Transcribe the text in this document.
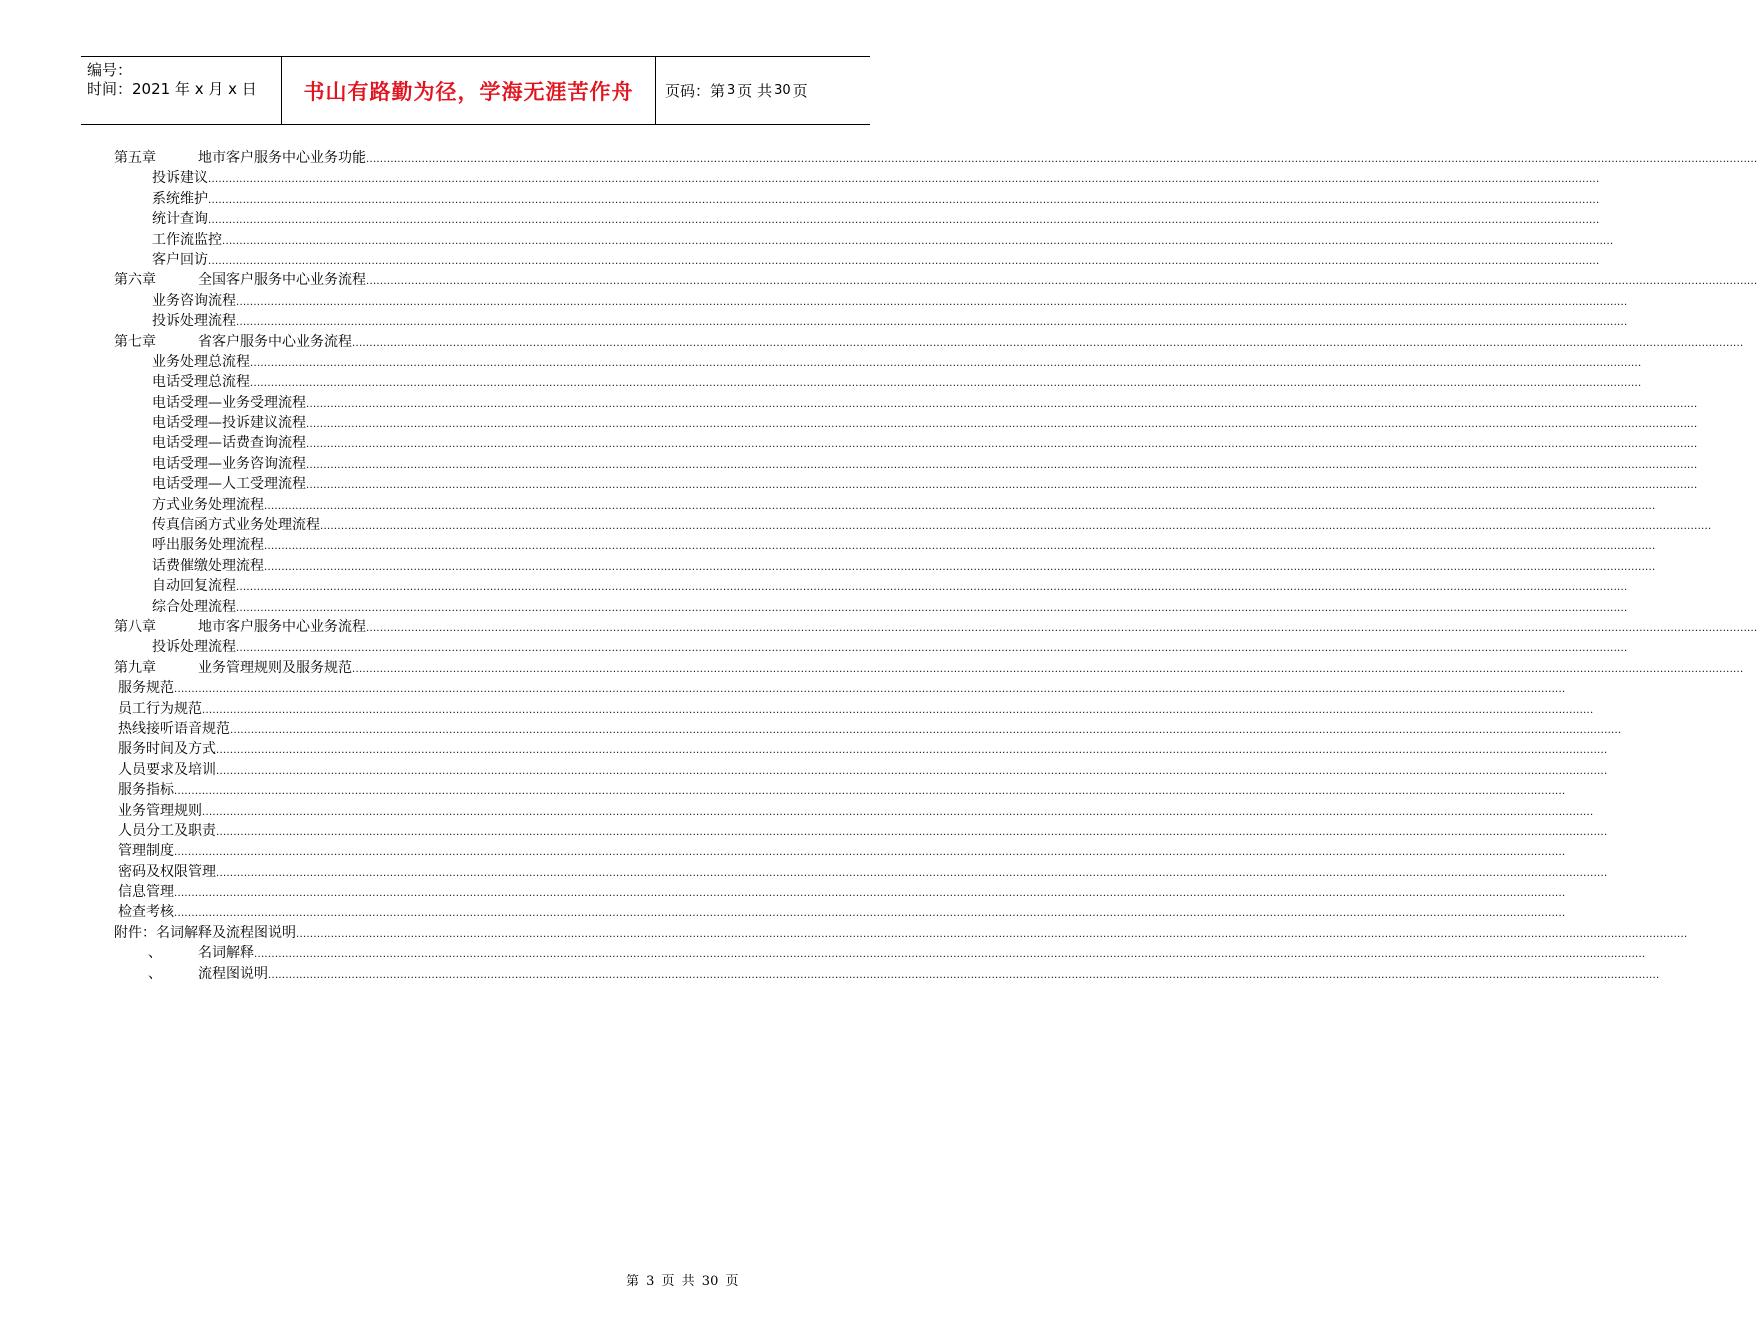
编号：
时间：2021 年 x 月 x 日	书山有路勤为径，学海无涯苦作舟	页码：第 3 页 共 30 页
第五章	地市客户服务中心业务功能 ................................................................................................................................................................................................................................................................................................................................................................................................................
投诉建议 ................................................................................................................................................................................................................................................................................................................................................................................................................
系统维护 ................................................................................................................................................................................................................................................................................................................................................................................................................
统计查询 ................................................................................................................................................................................................................................................................................................................................................................................................................
工作流监控 ................................................................................................................................................................................................................................................................................................................................................................................................................
客户回访 ................................................................................................................................................................................................................................................................................................................................................................................................................
第六章	全国客户服务中心业务流程 ................................................................................................................................................................................................................................................................................................................................................................................................................
业务咨询流程 ................................................................................................................................................................................................................................................................................................................................................................................................................
投诉处理流程 ................................................................................................................................................................................................................................................................................................................................................................................................................
第七章	省客户服务中心业务流程 ................................................................................................................................................................................................................................................................................................................................................................................................................
业务处理总流程 ................................................................................................................................................................................................................................................................................................................................................................................................................
电话受理总流程 ................................................................................................................................................................................................................................................................................................................................................................................................................
电话受理—业务受理流程 ................................................................................................................................................................................................................................................................................................................................................................................................................
电话受理—投诉建议流程 ................................................................................................................................................................................................................................................................................................................................................................................................................
电话受理—话费查询流程 ................................................................................................................................................................................................................................................................................................................................................................................................................
电话受理—业务咨询流程 ................................................................................................................................................................................................................................................................................................................................................................................................................
电话受理—人工受理流程 ................................................................................................................................................................................................................................................................................................................................................................................................................
方式业务处理流程 ................................................................................................................................................................................................................................................................................................................................................................................................................
传真信函方式业务处理流程 ................................................................................................................................................................................................................................................................................................................................................................................................................
呼出服务处理流程 ................................................................................................................................................................................................................................................................................................................................................................................................................
话费催缴处理流程 ................................................................................................................................................................................................................................................................................................................................................................................................................
自动回复流程 ................................................................................................................................................................................................................................................................................................................................................................................................................
综合处理流程 ................................................................................................................................................................................................................................................................................................................................................................................................................
第八章	地市客户服务中心业务流程 ................................................................................................................................................................................................................................................................................................................................................................................................................
投诉处理流程 ................................................................................................................................................................................................................................................................................................................................................................................................................
第九章	业务管理规则及服务规范 ................................................................................................................................................................................................................................................................................................................................................................................................................
服务规范 ................................................................................................................................................................................................................................................................................................................................................................................................................
员工行为规范 ................................................................................................................................................................................................................................................................................................................................................................................................................
热线接听语音规范 ................................................................................................................................................................................................................................................................................................................................................................................................................
服务时间及方式 ................................................................................................................................................................................................................................................................................................................................................................................................................
人员要求及培训 ................................................................................................................................................................................................................................................................................................................................................................................................................
服务指标 ................................................................................................................................................................................................................................................................................................................................................................................................................
业务管理规则 ................................................................................................................................................................................................................................................................................................................................................................................................................
人员分工及职责 ................................................................................................................................................................................................................................................................................................................................................................................................................
管理制度 ................................................................................................................................................................................................................................................................................................................................................................................................................
密码及权限管理 ................................................................................................................................................................................................................................................................................................................................................................................................................
信息管理 ................................................................................................................................................................................................................................................................................................................................................................................................................
检查考核 ................................................................................................................................................................................................................................................................................................................................................................................................................
附件：名词解释及流程图说明 ................................................................................................................................................................................................................................................................................................................................................................................................................
、	名词解释 ................................................................................................................................................................................................................................................................................................................................................................................................................
、	流程图说明 ................................................................................................................................................................................................................................................................................................................................................................................................................
第 3 页 共 30 页
